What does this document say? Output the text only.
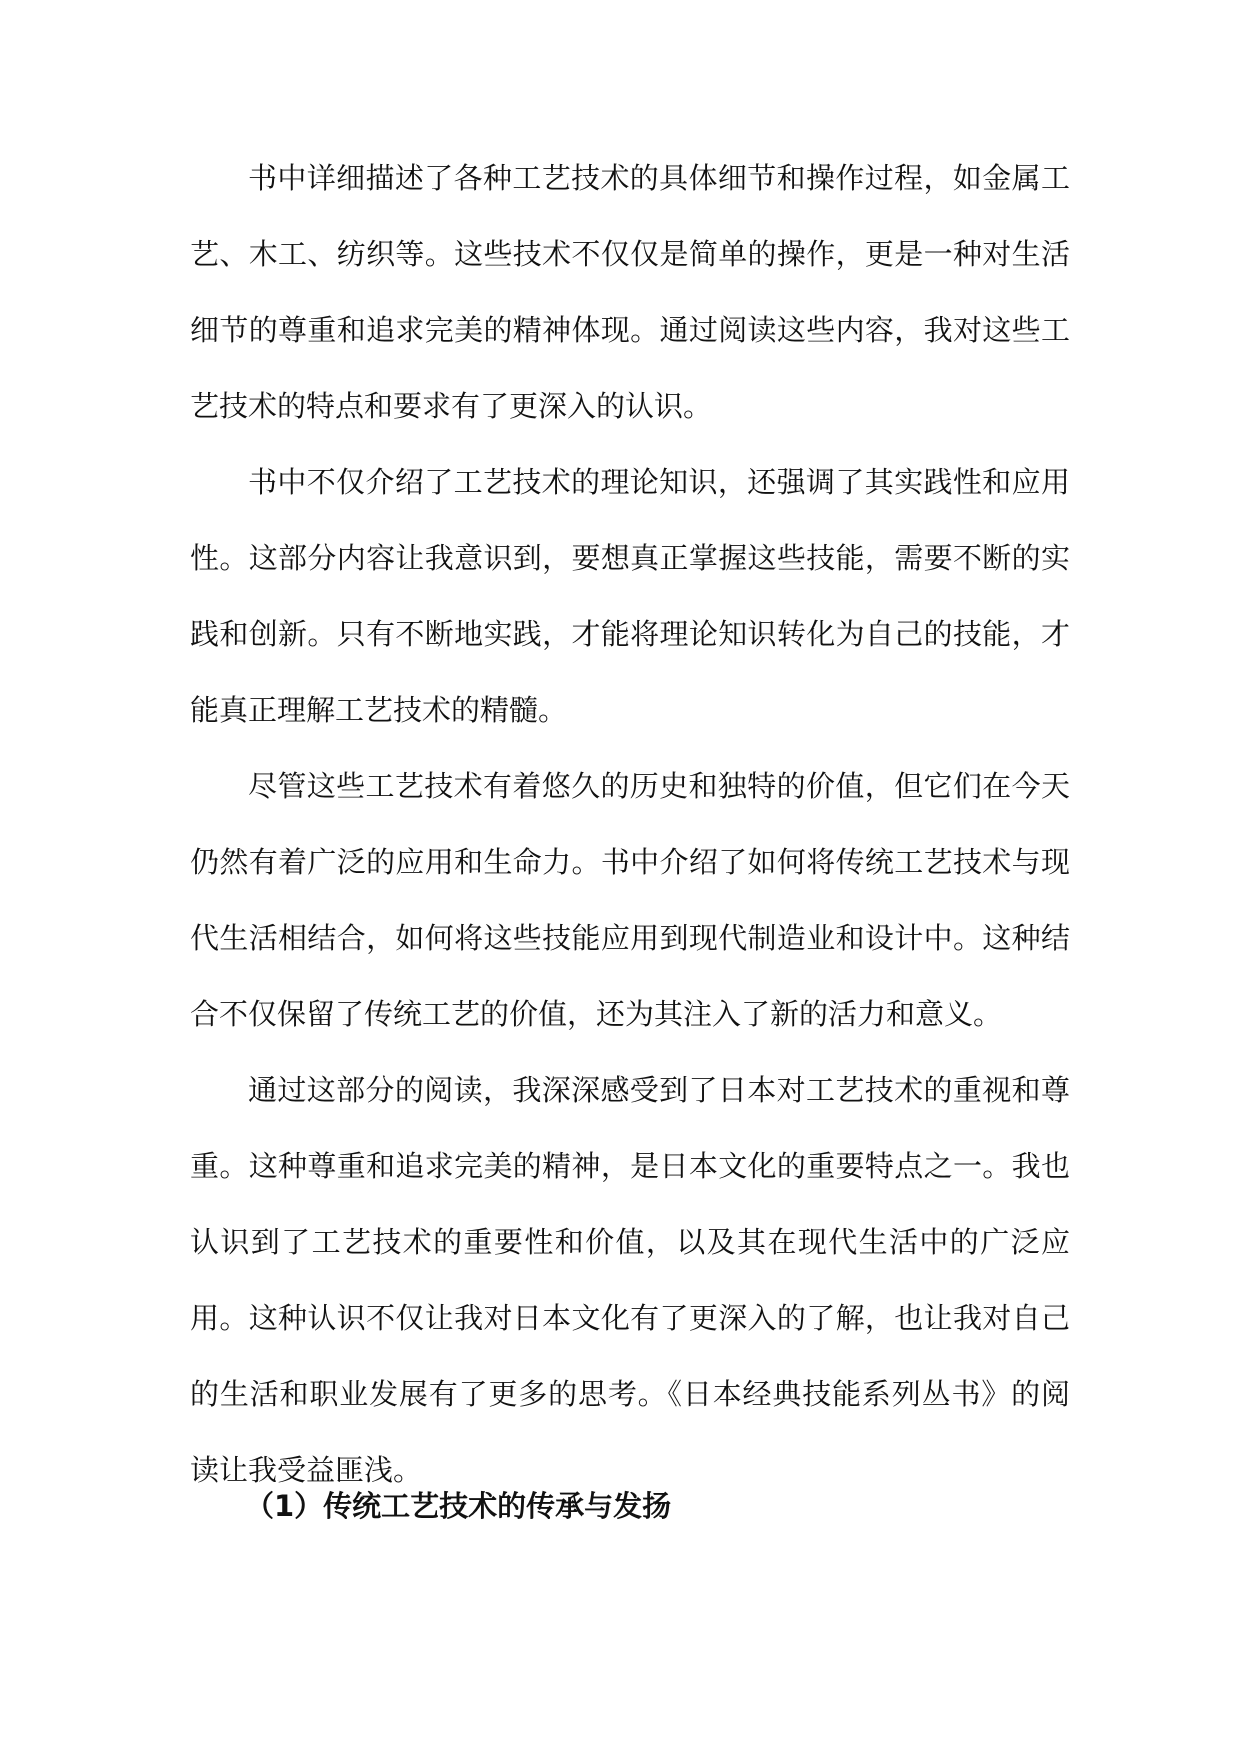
书中详细描述了各种工艺技术的具体细节和操作过程，如金属工艺、木工、纺织等。这些技术不仅仅是简单的操作，更是一种对生活细节的尊重和追求完美的精神体现。通过阅读这些内容，我对这些工艺技术的特点和要求有了更深入的认识。

书中不仅介绍了工艺技术的理论知识，还强调了其实践性和应用性。这部分内容让我意识到，要想真正掌握这些技能，需要不断的实践和创新。只有不断地实践，才能将理论知识转化为自己的技能，才能真正理解工艺技术的精髓。

尽管这些工艺技术有着悠久的历史和独特的价值，但它们在今天仍然有着广泛的应用和生命力。书中介绍了如何将传统工艺技术与现代生活相结合，如何将这些技能应用到现代制造业和设计中。这种结合不仅保留了传统工艺的价值，还为其注入了新的活力和意义。

通过这部分的阅读，我深深感受到了日本对工艺技术的重视和尊重。这种尊重和追求完美的精神，是日本文化的重要特点之一。我也认识到了工艺技术的重要性和价值，以及其在现代生活中的广泛应用。这种认识不仅让我对日本文化有了更深入的了解，也让我对自己的生活和职业发展有了更多的思考。《日本经典技能系列丛书》的阅读让我受益匪浅。

（1）传统工艺技术的传承与发扬
